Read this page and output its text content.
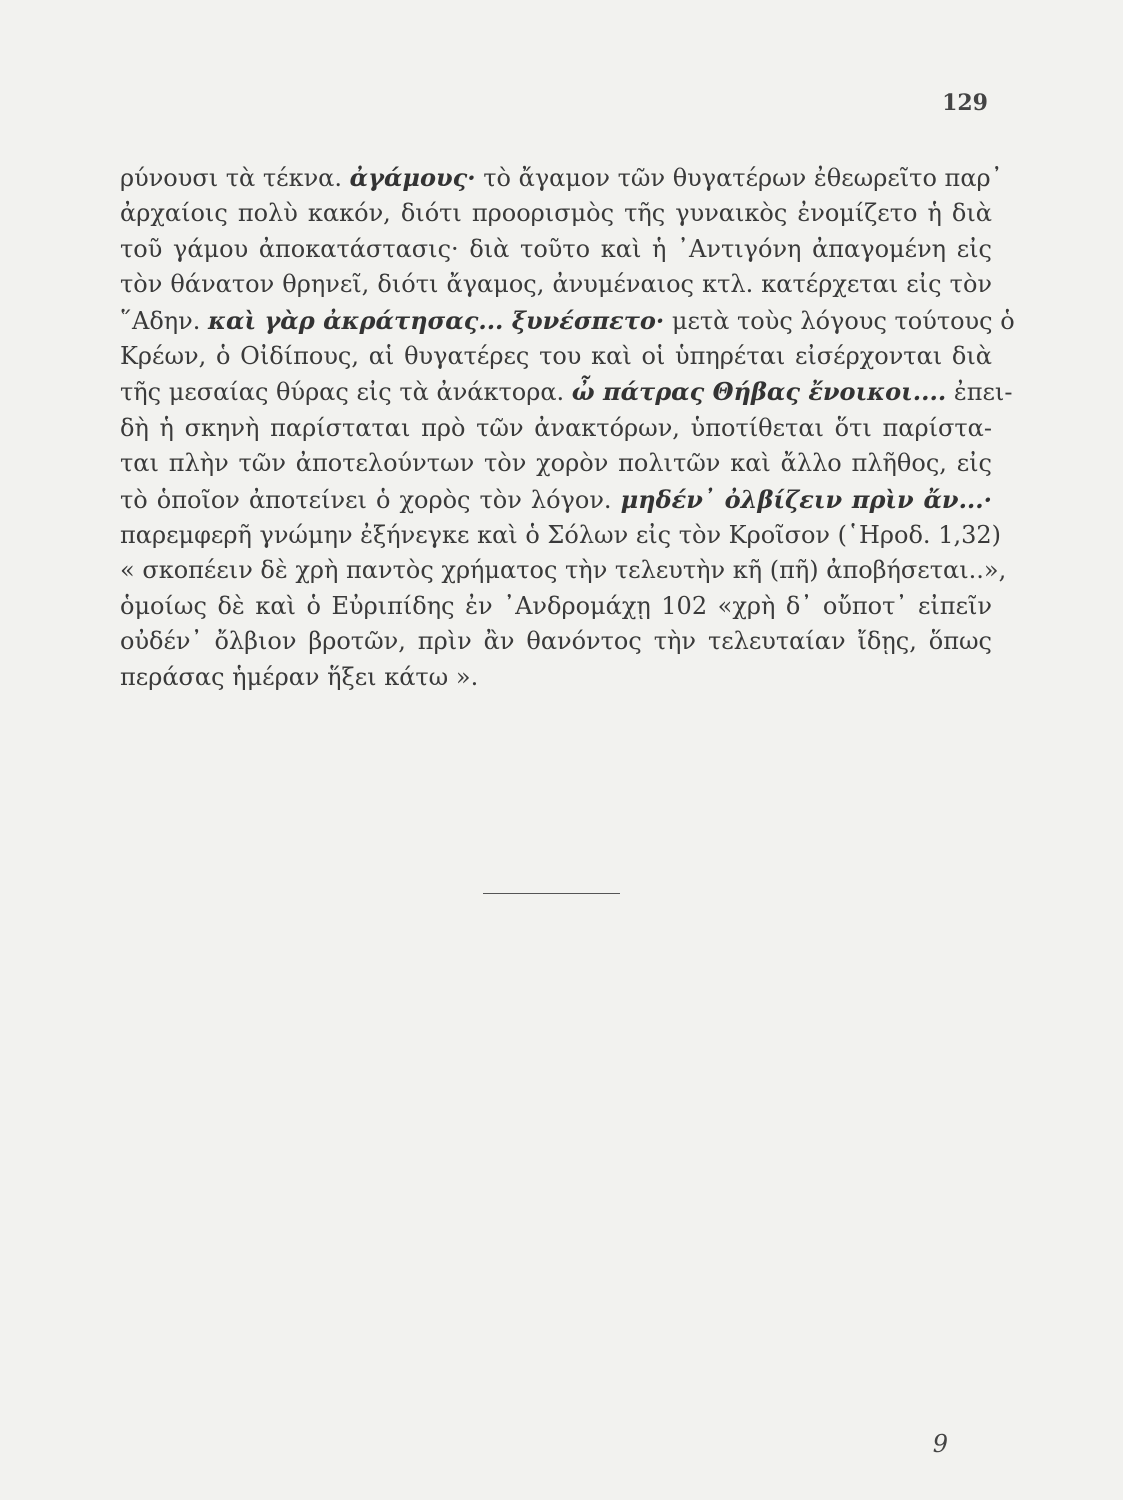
129
ρύνουσι τὰ τέκνα. ἀγάμους· τὸ ἄγαμον τῶν θυγατέρων ἐθεωρεῖτο παρ᾿
ἀρχαίοις πολὺ κακόν, διότι προορισμὸς τῆς γυναικὸς ἐνομίζετο ἡ διὰ
τοῦ γάμου ἀποκατάστασις· διὰ τοῦτο καὶ ἡ ᾿Αντιγόνη ἀπαγομένη εἰς
τὸν θάνατον θρηνεῖ, διότι ἄγαμος, ἀνυμέναιος κτλ. κατέρχεται εἰς τὸν
῞Αδην. καὶ γὰρ ἀκράτησας... ξυνέσπετο· μετὰ τοὺς λόγους τούτους ὁ
Κρέων, ὁ Οἰδίπους, αἱ θυγατέρες του καὶ οἱ ὑπηρέται εἰσέρχονται διὰ
τῆς μεσαίας θύρας εἰς τὰ ἀνάκτορα. ὦ πάτρας Θήβας ἔνοικοι.... ἐπει-
δὴ ἡ σκηνὴ παρίσταται πρὸ τῶν ἀνακτόρων, ὑποτίθεται ὅτι παρίστα-
ται πλὴν τῶν ἀποτελούντων τὸν χορὸν πολιτῶν καὶ ἄλλο πλῆθος, εἰς
τὸ ὁποῖον ἀποτείνει ὁ χορὸς τὸν λόγον. μηδέν᾿ ὀλβίζειν πρὶν ἄν...·
παρεμφερῆ γνώμην ἐξήνεγκε καὶ ὁ Σόλων εἰς τὸν Κροῖσον (῾Ηροδ. 1,32)
« σκοπέειν δὲ χρὴ παντὸς χρήματος τὴν τελευτὴν κῆ (πῆ) ἀποβήσεται..»,
ὁμοίως δὲ καὶ ὁ Εὐριπίδης ἐν ᾿Ανδρομάχῃ 102 «χρὴ δ᾿ οὔποτ᾿ εἰπεῖν
οὐδέν᾿ ὄλβιον βροτῶν, πρὶν ἂν θανόντος τὴν τελευταίαν ἴδῃς, ὅπως
περάσας ἡμέραν ἥξει κάτω ».
9
